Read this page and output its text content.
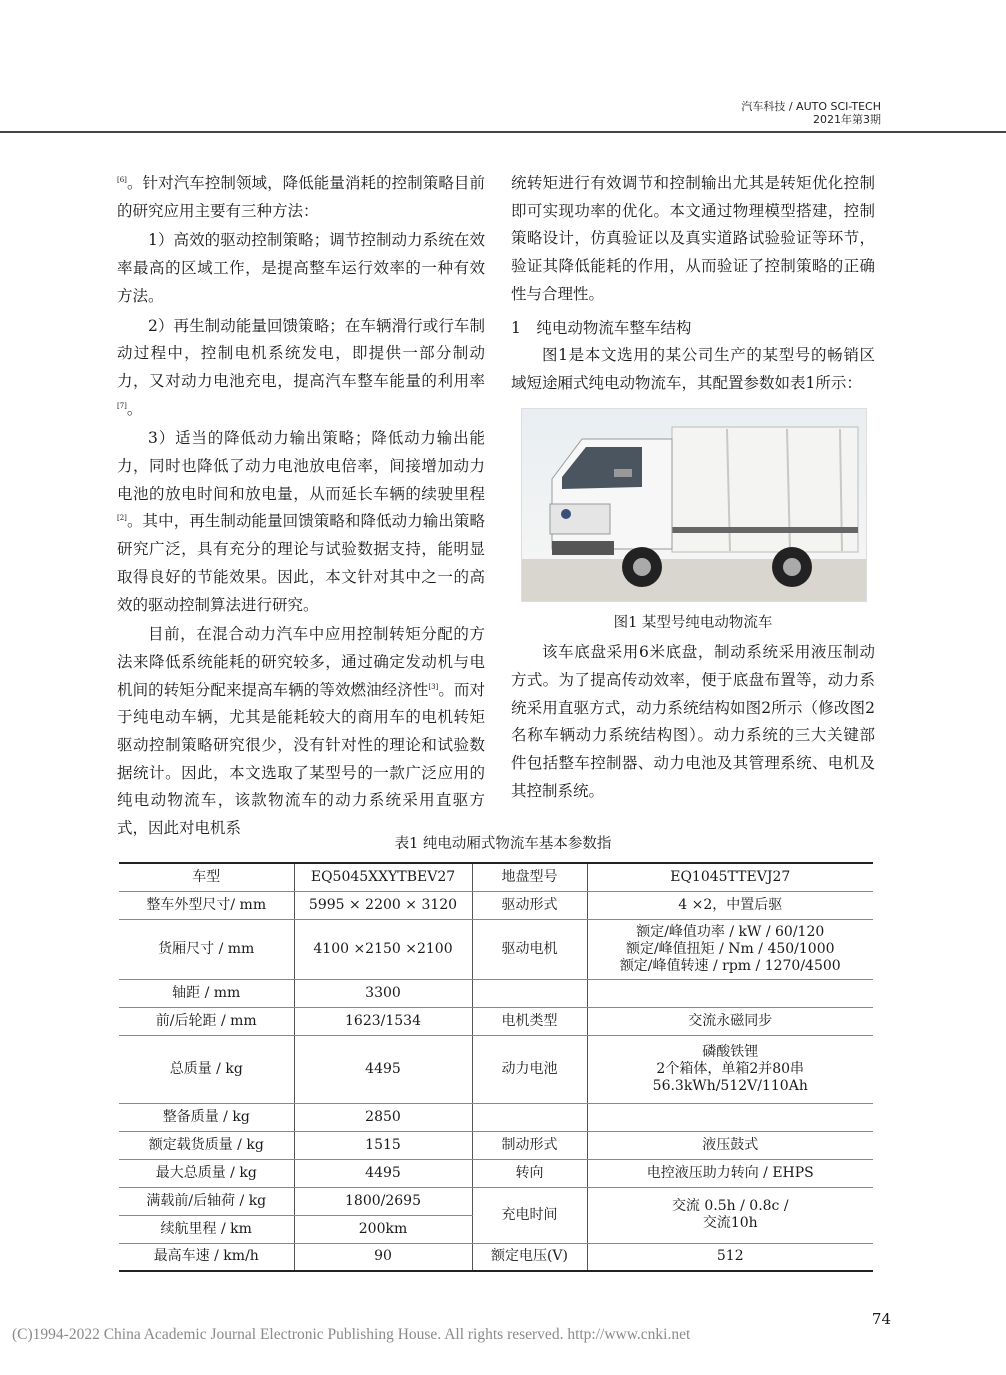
汽车科技 / AUTO SCI-TECH
2021年第3期

[6]。针对汽车控制领域，降低能量消耗的控制策略目前的研究应用主要有三种方法：

1）高效的驱动控制策略；调节控制动力系统在效率最高的区域工作，是提高整车运行效率的一种有效方法。

2）再生制动能量回馈策略；在车辆滑行或行车制动过程中，控制电机系统发电，即提供一部分制动力，又对动力电池充电，提高汽车整车能量的利用率[7]。

3）适当的降低动力输出策略；降低动力输出能力，同时也降低了动力电池放电倍率，间接增加动力电池的放电时间和放电量，从而延长车辆的续驶里程[2]。其中，再生制动能量回馈策略和降低动力输出策略研究广泛，具有充分的理论与试验数据支持，能明显取得良好的节能效果。因此，本文针对其中之一的高效的驱动控制算法进行研究。

目前，在混合动力汽车中应用控制转矩分配的方法来降低系统能耗的研究较多，通过确定发动机与电机间的转矩分配来提高车辆的等效燃油经济性[3]。而对于纯电动车辆，尤其是能耗较大的商用车的电机转矩驱动控制策略研究很少，没有针对性的理论和试验数据统计。因此，本文选取了某型号的一款广泛应用的纯电动物流车，该款物流车的动力系统采用直驱方式，因此对电机系

统转矩进行有效调节和控制输出尤其是转矩优化控制即可实现功率的优化。本文通过物理模型搭建，控制策略设计，仿真验证以及真实道路试验验证等环节，验证其降低能耗的作用，从而验证了控制策略的正确性与合理性。

1　纯电动物流车整车结构

图1是本文选用的某公司生产的某型号的畅销区域短途厢式纯电动物流车，其配置参数如表1所示：

图1 某型号纯电动物流车

该车底盘采用6米底盘，制动系统采用液压制动方式。为了提高传动效率，便于底盘布置等，动力系统采用直驱方式，动力系统结构如图2所示（修改图2名称车辆动力系统结构图）。动力系统的三大关键部件包括整车控制器、动力电池及其管理系统、电机及其控制系统。

表1 纯电动厢式物流车基本参数指
车型	EQ5045XXYTBEV27	地盘型号	EQ1045TTEVJ27
整车外型尺寸/ mm	5995 × 2200 × 3120	驱动形式	4 ×2，中置后驱
货厢尺寸 / mm	4100 ×2150 ×2100	驱动电机	额定/峰值功率 / kW / 60/120
额定/峰值扭矩 / Nm / 450/1000
额定/峰值转速 / rpm / 1270/4500

轴距 / mm	3300		
前/后轮距 / mm	1623/1534	电机类型	交流永磁同步
总质量 / kg	4495	动力电池	磷酸铁锂
2个箱体，单箱2并80串
56.3kWh/512V/110Ah

整备质量 / kg	2850		
额定载货质量 / kg	1515	制动形式	液压鼓式
最大总质量 / kg	4495	转向	电控液压助力转向 / EHPS
满载前/后轴荷 / kg	1800/2695	充电时间	交流 0.5h / 0.8c /
交流10h

续航里程 / km	200km		
最高车速 / km/h	90	额定电压(V)	512
74
(C)1994-2022 China Academic Journal Electronic Publishing House. All rights reserved. http://www.cnki.net
